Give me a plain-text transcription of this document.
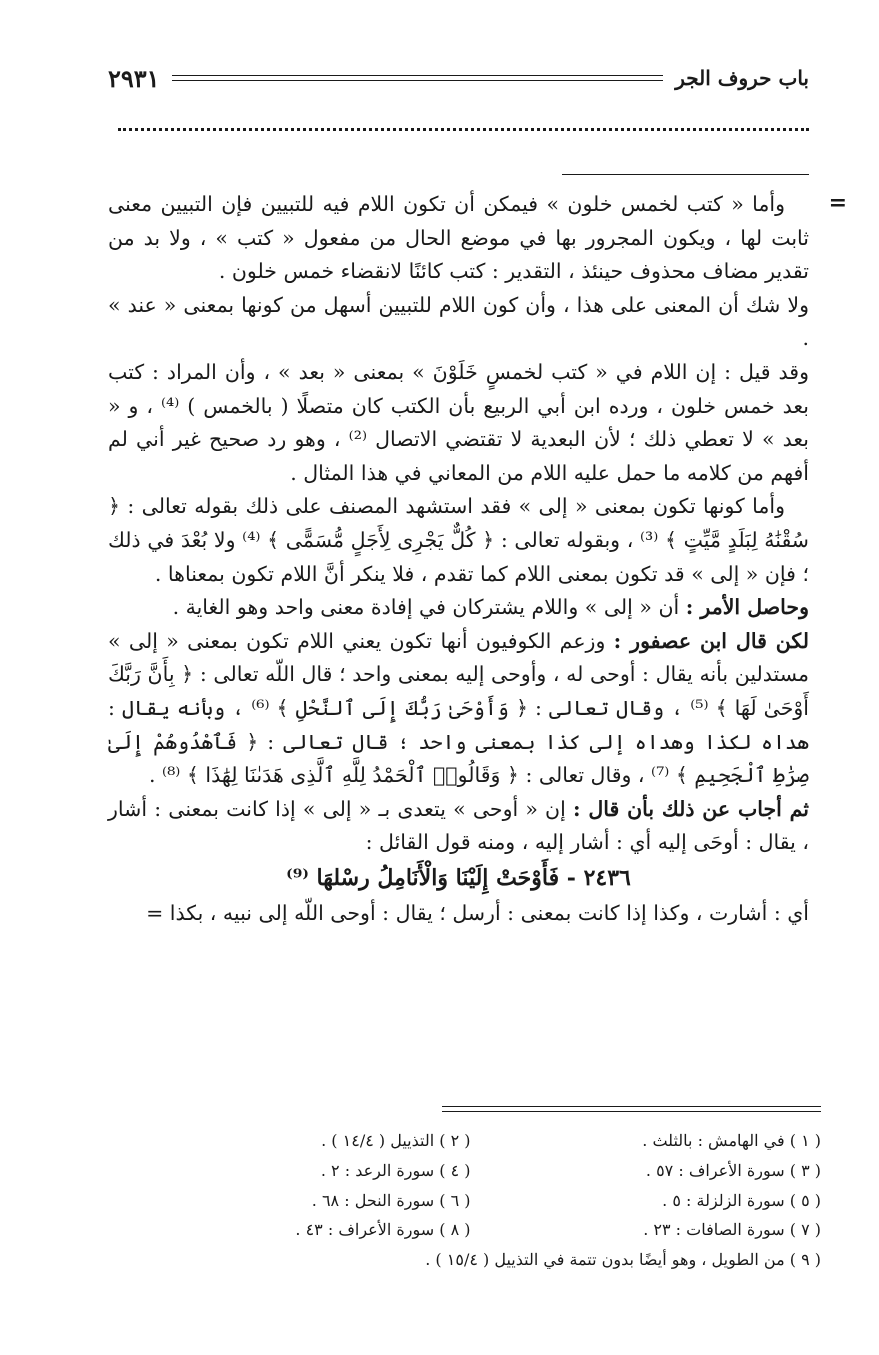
باب حروف الجر
٢٩٣١
=

وأما « كتب لخمس خلون » فيمكن أن تكون اللام فيه للتبيين فإن التبيين معنى ثابت لها ، ويكون المجرور بها في موضع الحال من مفعول « كتب » ، ولا بد من تقدير مضاف محذوف حينئذ ، التقدير : كتب كائنًا لانقضاء خمس خلون .

ولا شك أن المعنى على هذا ، وأن كون اللام للتبيين أسهل من كونها بمعنى « عند » .

وقد قيل : إن اللام في « كتب لخمسٍ خَلَوْنَ » بمعنى « بعد » ، وأن المراد : كتب بعد خمس خلون ، ورده ابن أبي الربيع بأن الكتب كان متصلًا ( بالخمس ) ⁽⁴⁾ ، و « بعد » لا تعطي ذلك ؛ لأن البعدية لا تقتضي الاتصال ⁽²⁾ ، وهو رد صحيح غير أني لم أفهم من كلامه ما حمل عليه اللام من المعاني في هذا المثال .

وأما كونها تكون بمعنى « إلى » فقد استشهد المصنف على ذلك بقوله تعالى : ﴿ سُقْنَٰهُ لِبَلَدٍ مَّيِّتٍ ﴾ ⁽³⁾ ، وبقوله تعالى : ﴿ كُلٌّ يَجْرِى لِأَجَلٍ مُّسَمًّى ﴾ ⁽⁴⁾ ولا بُعْدَ في ذلك ؛ فإن « إلى » قد تكون بمعنى اللام كما تقدم ، فلا ينكر أنَّ اللام تكون بمعناها .

وحاصل الأمر : أن « إلى » واللام يشتركان في إفادة معنى واحد وهو الغاية .

لكن قال ابن عصفور : وزعم الكوفيون أنها تكون يعني اللام تكون بمعنى « إلى » مستدلين بأنه يقال : أوحى له ، وأوحى إليه بمعنى واحد ؛ قال اللّه تعالى : ﴿ بِأَنَّ رَبَّكَ أَوْحَىٰ لَهَا ﴾ ⁽⁵⁾ ، وقال تعالى : ﴿ وَأَوْحَىٰ رَبُّكَ إِلَى ٱلنَّحْلِ ﴾ ⁽⁶⁾ ، وبأنه يقال : هداه لكذا وهداه إلى كذا بمعنى واحد ؛ قال تعالى : ﴿ فَٱهْدُوهُمْ إِلَىٰ صِرَٰطِ ٱلْجَحِيمِ ﴾ ⁽⁷⁾ ، وقال تعالى : ﴿ وَقَالُوا۟ ٱلْحَمْدُ لِلَّهِ ٱلَّذِى هَدَىٰنَا لِهَٰذَا ﴾ ⁽⁸⁾ .

ثم أجاب عن ذلك بأن قال : إن « أوحى » يتعدى بـ « إلى » إذا كانت بمعنى : أشار ، يقال : أوحَى إليه أي : أشار إليه ، ومنه قول القائل :

٢٤٣٦ - فَأَوْحَتْ إِلَيْنَا وَالْأَنَامِلُ رسْلهَا ⁽⁹⁾

أي : أشارت ، وكذا إذا كانت بمعنى : أرسل ؛ يقال : أوحى اللّه إلى نبيه ، بكذا =

( ١ ) في الهامش : بالثلث .
( ٢ ) التذييل ( ١٤/٤ ) .
( ٣ ) سورة الأعراف : ٥٧ .
( ٤ ) سورة الرعد : ٢ .
( ٥ ) سورة الزلزلة : ٥ .
( ٦ ) سورة النحل : ٦٨ .
( ٧ ) سورة الصافات : ٢٣ .
( ٨ ) سورة الأعراف : ٤٣ .
( ٩ ) من الطويل ، وهو أيضًا بدون تتمة في التذييل ( ١٥/٤ ) .
